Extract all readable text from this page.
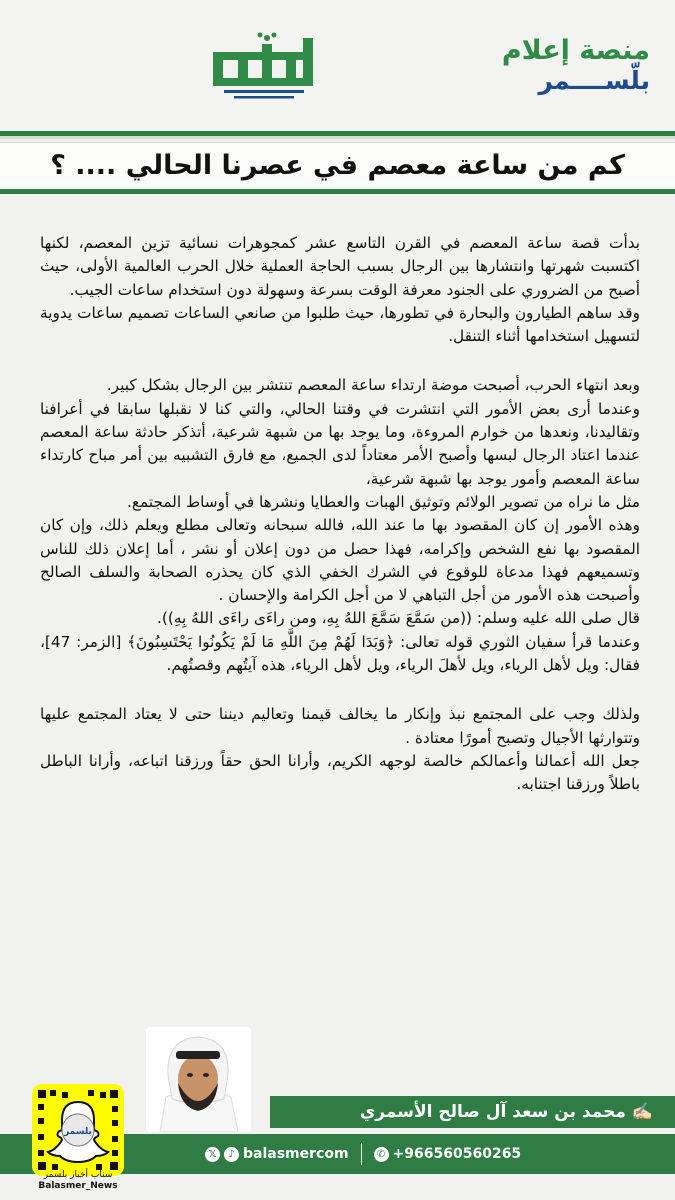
منصة إعلام
بلّســــمر
كم من ساعة معصم في عصرنا الحالي .... ؟

بدأت قصة ساعة المعصم في القرن التاسع عشر كمجوهرات نسائية تزين المعصم، لكنها اكتسبت شهرتها وانتشارها بين الرجال بسبب الحاجة العملية خلال الحرب العالمية الأولى، حيث أصبح من الضروري على الجنود معرفة الوقت بسرعة وسهولة دون استخدام ساعات الجيب.

وقد ساهم الطيارون والبحارة في تطورها، حيث طلبوا من صانعي الساعات تصميم ساعات يدوية لتسهيل استخدامها أثناء التنقل.

وبعد انتهاء الحرب، أصبحت موضة ارتداء ساعة المعصم تنتشر بين الرجال بشكل كبير.

وعندما أرى بعض الأمور التي انتشرت في وقتنا الحالي، والتي كنا لا نقبلها سابقا في أعرافنا وتقاليدنا، ونعدها من خوارم المروءة، وما يوجد بها من شبهة شرعية، أتذكر حادثة ساعة المعصم عندما اعتاد الرجال لبسها وأصبح الأمر معتاداً لدى الجميع، مع فارق التشبيه بين أمر مباح كارتداء ساعة المعصم وأمور يوجد بها شبهة شرعية،

مثل ما نراه من تصوير الولائم وتوثيق الهبات والعطايا ونشرها في أوساط المجتمع.

وهذه الأمور إن كان المقصود بها ما عند الله، فالله سبحانه وتعالى مطلع ويعلم ذلك، وإن كان المقصود بها نفع الشخص وإكرامه، فهذا حصل من دون إعلان أو نشر ، أما إعلان ذلك للناس وتسميعهم فهذا مدعاة للوقوع في الشرك الخفي الذي كان يحذره الصحابة والسلف الصالح وأصبحت هذه الأمور من أجل التباهي لا من أجل الكرامة والإحسان .

قال صلى الله عليه وسلم: ((من سَمَّعَ سَمَّعَ اللهُ بِهِ، ومن راءَى راءَى اللهُ بِهِ)).

وعندما قرأ سفيان الثوري قوله تعالى: ﴿وَبَدَا لَهُمْ مِنَ اللَّهِ مَا لَمْ يَكُونُوا يَحْتَسِبُونَ﴾ [الزمر: 47]، فقال: ويل لأهل الرياء، ويل لأهلَ الرياء، ويل لأهل الرياء، هذه آيتُهم وقصتُهم.

ولذلك وجب على المجتمع نبذ وإنكار ما يخالف قيمنا وتعاليم ديننا حتى لا يعتاد المجتمع عليها وتتوارثها الأجيال وتصبح أمورًا معتادة .

جعل الله أعمالنا وأعمالكم خالصة لوجهه الكريم، وأرانا الحق حقاً ورزقنا اتباعه، وأرانا الباطل باطلاً ورزقنا اجتنابه.

✍🏻 محمد بن سعد آل صالح الأسمري
𝕏	♪ balasmercom	✆ +966560560265
بلسمر
سناب أخبار بلسمر
Balasmer_News
